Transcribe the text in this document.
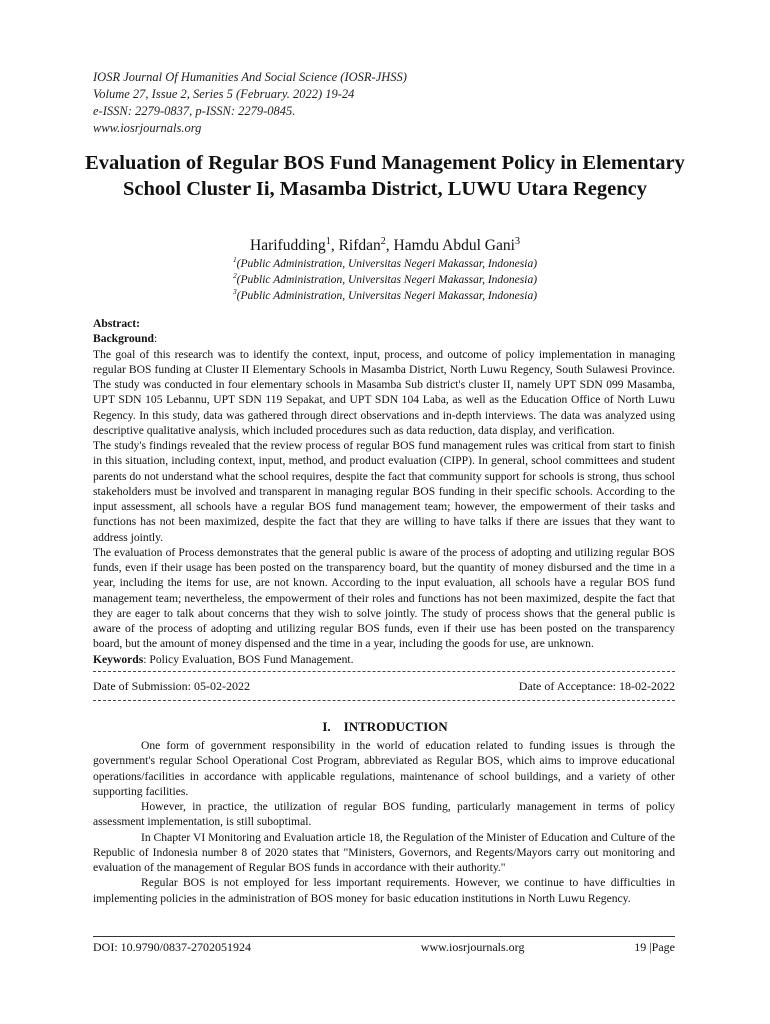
IOSR Journal Of Humanities And Social Science (IOSR-JHSS)
Volume 27, Issue 2, Series 5 (February. 2022) 19-24
e-ISSN: 2279-0837, p-ISSN: 2279-0845.
www.iosrjournals.org
Evaluation of Regular BOS Fund Management Policy in Elementary School Cluster Ii, Masamba District, LUWU Utara Regency
Harifudding$^1$, Rifdan$^2$, Hamdu Abdul Gani$^3$
$^1$(Public Administration, Universitas Negeri Makassar, Indonesia)
$^2$(Public Administration, Universitas Negeri Makassar, Indonesia)
$^3$(Public Administration, Universitas Negeri Makassar, Indonesia)

Abstract:

Background:

The goal of this research was to identify the context, input, process, and outcome of policy implementation in managing regular BOS funding at Cluster II Elementary Schools in Masamba District, North Luwu Regency, South Sulawesi Province. The study was conducted in four elementary schools in Masamba Sub district's cluster II, namely UPT SDN 099 Masamba, UPT SDN 105 Lebannu, UPT SDN 119 Sepakat, and UPT SDN 104 Laba, as well as the Education Office of North Luwu Regency. In this study, data was gathered through direct observations and in-depth interviews. The data was analyzed using descriptive qualitative analysis, which included procedures such as data reduction, data display, and verification.

The study's findings revealed that the review process of regular BOS fund management rules was critical from start to finish in this situation, including context, input, method, and product evaluation (CIPP). In general, school committees and student parents do not understand what the school requires, despite the fact that community support for schools is strong, thus school stakeholders must be involved and transparent in managing regular BOS funding in their specific schools. According to the input assessment, all schools have a regular BOS fund management team; however, the empowerment of their tasks and functions has not been maximized, despite the fact that they are willing to have talks if there are issues that they want to address jointly.

The evaluation of Process demonstrates that the general public is aware of the process of adopting and utilizing regular BOS funds, even if their usage has been posted on the transparency board, but the quantity of money disbursed and the time in a year, including the items for use, are not known. According to the input evaluation, all schools have a regular BOS fund management team; nevertheless, the empowerment of their roles and functions has not been maximized, despite the fact that they are eager to talk about concerns that they wish to solve jointly. The study of process shows that the general public is aware of the process of adopting and utilizing regular BOS funds, even if their use has been posted on the transparency board, but the amount of money dispensed and the time in a year, including the goods for use, are unknown.

Keywords: Policy Evaluation, BOS Fund Management.

Date of Submission: 05-02-2022	Date of Acceptance: 18-02-2022
I.    INTRODUCTION

One form of government responsibility in the world of education related to funding issues is through the government's regular School Operational Cost Program, abbreviated as Regular BOS, which aims to improve educational operations/facilities in accordance with applicable regulations, maintenance of school buildings, and a variety of other supporting facilities.

However, in practice, the utilization of regular BOS funding, particularly management in terms of policy assessment implementation, is still suboptimal.

In Chapter VI Monitoring and Evaluation article 18, the Regulation of the Minister of Education and Culture of the Republic of Indonesia number 8 of 2020 states that "Ministers, Governors, and Regents/Mayors carry out monitoring and evaluation of the management of Regular BOS funds in accordance with their authority."

Regular BOS is not employed for less important requirements. However, we continue to have difficulties in implementing policies in the administration of BOS money for basic education institutions in North Luwu Regency.

DOI: 10.9790/0837-2702051924	www.iosrjournals.org	19 |Page
